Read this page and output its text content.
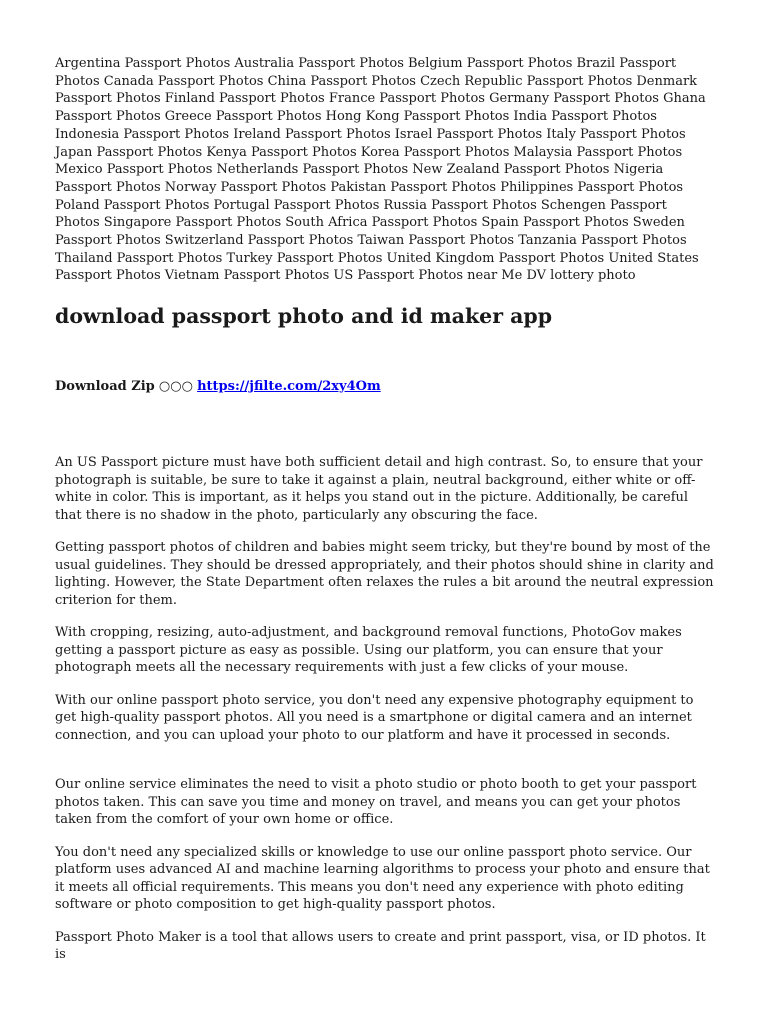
Argentina Passport Photos Australia Passport Photos Belgium Passport Photos Brazil Passport Photos Canada Passport Photos China Passport Photos Czech Republic Passport Photos Denmark Passport Photos Finland Passport Photos France Passport Photos Germany Passport Photos Ghana Passport Photos Greece Passport Photos Hong Kong Passport Photos India Passport Photos Indonesia Passport Photos Ireland Passport Photos Israel Passport Photos Italy Passport Photos Japan Passport Photos Kenya Passport Photos Korea Passport Photos Malaysia Passport Photos Mexico Passport Photos Netherlands Passport Photos New Zealand Passport Photos Nigeria Passport Photos Norway Passport Photos Pakistan Passport Photos Philippines Passport Photos Poland Passport Photos Portugal Passport Photos Russia Passport Photos Schengen Passport Photos Singapore Passport Photos South Africa Passport Photos Spain Passport Photos Sweden Passport Photos Switzerland Passport Photos Taiwan Passport Photos Tanzania Passport Photos Thailand Passport Photos Turkey Passport Photos United Kingdom Passport Photos United States Passport Photos Vietnam Passport Photos US Passport Photos near Me DV lottery photo

download passport photo and id maker app

Download Zip ○○○ https://jfilte.com/2xy4Om

An US Passport picture must have both sufficient detail and high contrast. So, to ensure that your photograph is suitable, be sure to take it against a plain, neutral background, either white or off-white in color. This is important, as it helps you stand out in the picture. Additionally, be careful that there is no shadow in the photo, particularly any obscuring the face.

Getting passport photos of children and babies might seem tricky, but they're bound by most of the usual guidelines. They should be dressed appropriately, and their photos should shine in clarity and lighting. However, the State Department often relaxes the rules a bit around the neutral expression criterion for them.

With cropping, resizing, auto-adjustment, and background removal functions, PhotoGov makes getting a passport picture as easy as possible. Using our platform, you can ensure that your photograph meets all the necessary requirements with just a few clicks of your mouse.

With our online passport photo service, you don't need any expensive photography equipment to get high-quality passport photos. All you need is a smartphone or digital camera and an internet connection, and you can upload your photo to our platform and have it processed in seconds.

Our online service eliminates the need to visit a photo studio or photo booth to get your passport photos taken. This can save you time and money on travel, and means you can get your photos taken from the comfort of your own home or office.

You don't need any specialized skills or knowledge to use our online passport photo service. Our platform uses advanced AI and machine learning algorithms to process your photo and ensure that it meets all official requirements. This means you don't need any experience with photo editing software or photo composition to get high-quality passport photos.

Passport Photo Maker is a tool that allows users to create and print passport, visa, or ID photos. It is
